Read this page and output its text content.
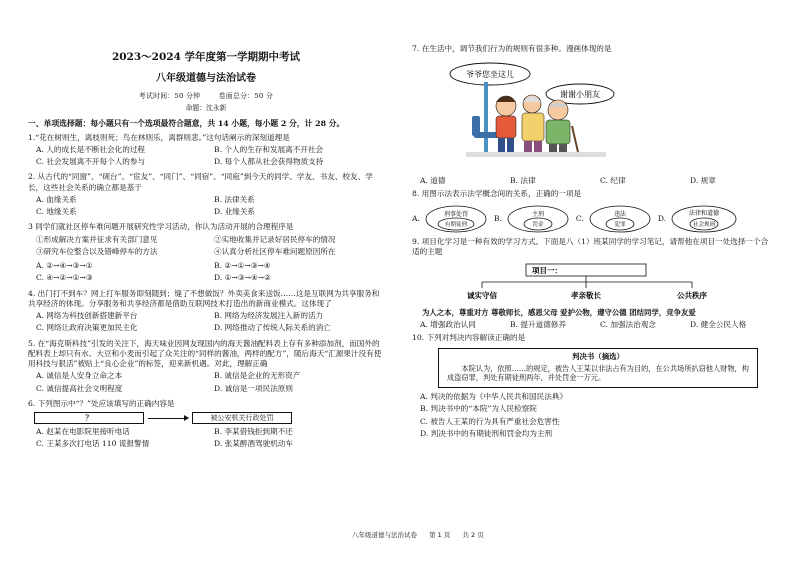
2023～2024 学年度第一学期期中考试
八年级道德与法治试卷
考试时间：50 分钟	卷面总分：50 分
命题：沈永新
一、单项选择题：每小题只有一个选项最符合题意，共 14 小题，每小题 2 分，计 28 分。
1.“花在树则生，离枝则死；鸟在林则乐，离群则悲。”这句话阐示的深刻道理是
A. 人的成长是不断社会化的过程	B. 个人的生存和发展离不开社会
C. 社会发展离不开每个人的参与	D. 每个人都从社会获得物质支持
2. 从古代的“同窗”、“砚台”、“宦友”、“同门”、“同宿”、“同庖”到今天的同学、学友、书友、校友、学长，这些社会关系的确立都是基于
A. 血缘关系	B. 法律关系
C. 地缘关系	D. 业缘关系
3 同学们就社区停车难问题开展研究性学习活动，你认为活动开展的合理程序是
①形成解决方案并征求有关部门意见	②实地收集并记录好居民停车的情况
③研究车位整合以及错峰停车的方法	④认真分析社区停车难问题原因所在
A. ②→④→③→①	B. ②→①→③→④
C. ④→②→①→③	D. ①→③→④→②
4. 出门打不到车？网上打车服务即刻随到；缝了不想做饭？外卖美食来送饭……这是互联网为共享服务和共享经济的体现。分享服务和共享经济都是借助互联网技术打造出的新商业模式。这体现了
A. 网络为科技创新搭建新平台	B. 网络为经济发展注入新的活力
C. 网络让政府决策更加民主化	D. 网络推动了传统人际关系的消亡
5. 在“海克斯科技”引发的关注下，海天味业因网友现国内的海天酱油配料表上存有多种添加剂，而国外的配料表上却只有水、大豆和小麦而引起了众关注的“同样的酱油，两样的配方”，随后海天“汇源果汁没有使用科技与狠活”被贴上“良心企业”的标签，迎来新机遇。对此，理解正确
A. 诚信是人安身立命之本	B. 诚信是企业的无形资产
C. 诚信提高社会文明程度	D. 诚信是一项民法原则
6. 下列图示中“？”处应该填写的正确内容是
？	被公安机关行政处罚
A. 赵某在电影院里接听电话	B. 李某借钱拒到期不还
C. 王某多次打电话 110 谎报警情	D. 张某醉酒驾驶机动车
7. 在生活中，调节我们行为的规则有很多种。漫画体现的是
爷爷您坐这儿
谢谢小朋友
A. 道德	B. 法律	C. 纪律	D. 规章
8. 用图示法表示法学概念间的关系，正确的一项是
A.	刑事处罚
有期徒刑
B.	主刑
罚金
C.	违法
犯罪
D.
法律和道德
社会规则
9. 项目化学习是一种有效的学习方式。下面是八（1）班某同学的学习笔记，请帮他在项目一处选择一个合适的主题
项目一：
诚实守信	孝亲敬长	公共秩序
为人之本，尊重对方 尊敬师长，感恩父母 爱护公物，遵守公德 团结同学，竞争友爱
A. 增强政治认同	B. 提升道德修养	C. 加强法治观念	D. 健全公民人格
10. 下列对判决内容解读正确的是
判决书（摘选）
本院认为，依照……的规定，被告人王某以非法占有为目的，在公共场所扒窃他人财物，构成盗窃罪，判处有期徒刑两年，并处罚金一万元。
A. 判决的依据为《中华人民共和国民法典》
B. 判决书中的“本院”为人民检察院
C. 被告人王某的行为具有严重社会危害性
D. 判决书中的有期徒刑和罚金均为主刑
八年级道德与法治试卷 第 1 页 共 2 页
